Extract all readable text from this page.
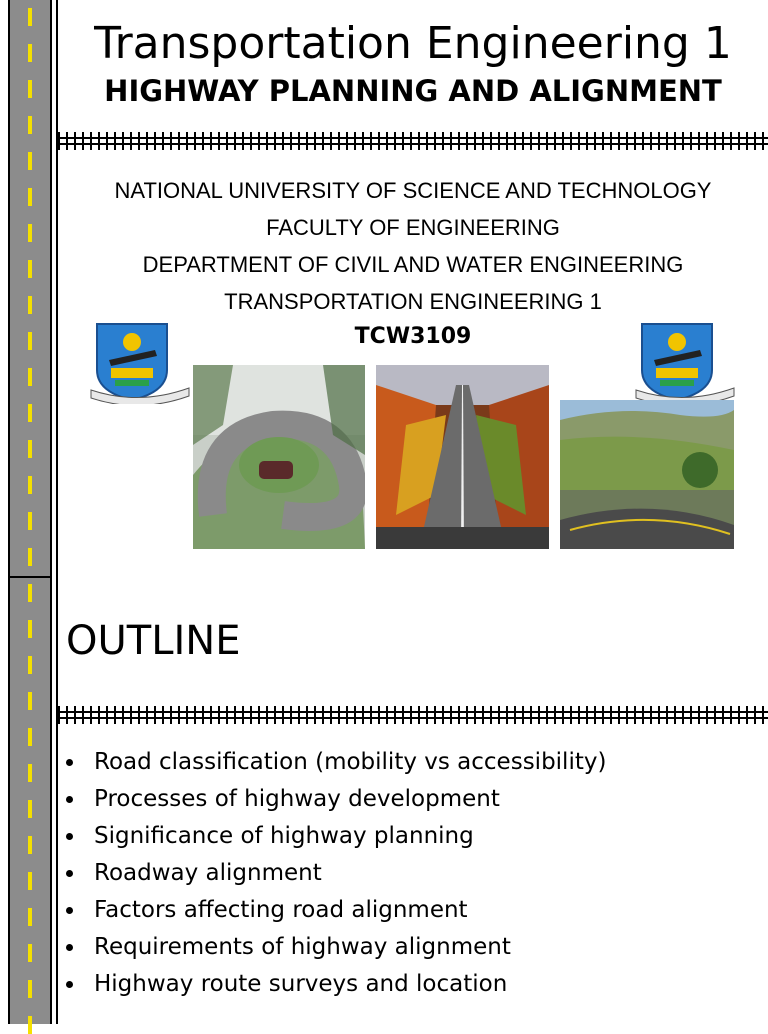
Transportation Engineering 1
HIGHWAY PLANNING AND ALIGNMENT
NATIONAL UNIVERSITY OF SCIENCE AND TECHNOLOGY
FACULTY OF ENGINEERING
DEPARTMENT OF CIVIL AND WATER ENGINEERING
TRANSPORTATION ENGINEERING 1
TCW3109
OUTLINE
Road classification (mobility vs accessibility)
Processes of highway development
Significance of highway planning
Roadway alignment
Factors affecting road alignment
Requirements of highway alignment
Highway route surveys and location
